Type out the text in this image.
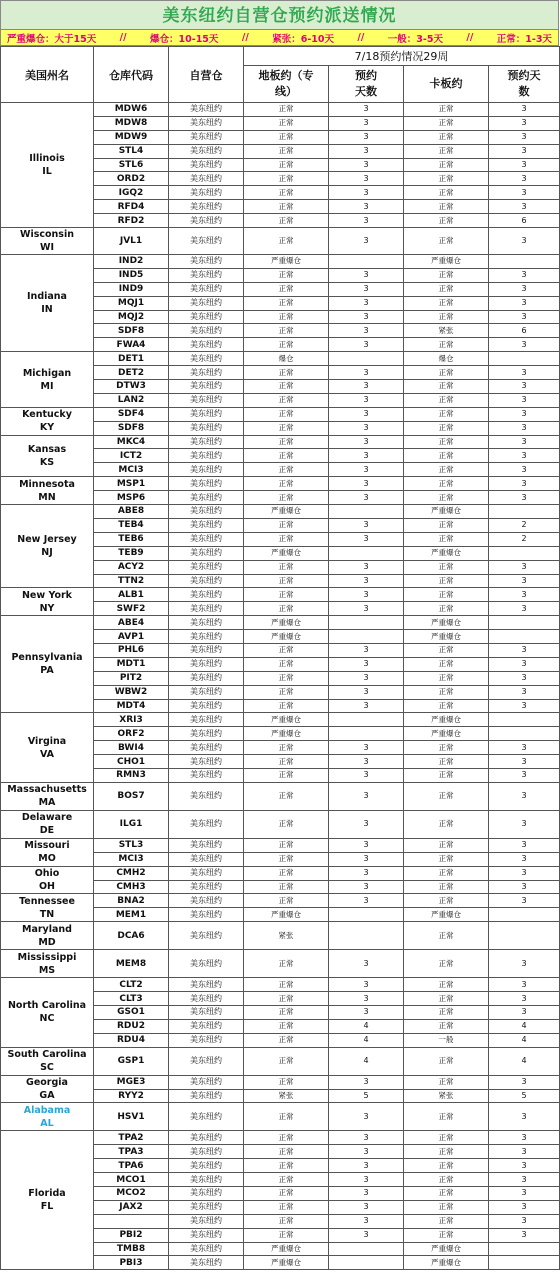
美东纽约自营仓预约派送情况
严重爆仓：大于15天 // 爆仓：10-15天 // 紧张：6-10天 // 一般：3-5天 // 正常：1-3天
美国州名	仓库代码	自营仓	7/18预约情况29周			
			地板约（专线）	预约天数	卡板约	预约天数
Illinois
IL	MDW6	美东纽约	正常	3	正常	3
	MDW8	美东纽约	正常	3	正常	3
	MDW9	美东纽约	正常	3	正常	3
	STL4	美东纽约	正常	3	正常	3
	STL6	美东纽约	正常	3	正常	3
	ORD2	美东纽约	正常	3	正常	3
	IGQ2	美东纽约	正常	3	正常	3
	RFD4	美东纽约	正常	3	正常	3
	RFD2	美东纽约	正常	3	正常	6
Wisconsin
WI	JVL1	美东纽约	正常	3	正常	3
Indiana
IN	IND2	美东纽约	严重爆仓		严重爆仓	
	IND5	美东纽约	正常	3	正常	3
	IND9	美东纽约	正常	3	正常	3
	MQJ1	美东纽约	正常	3	正常	3
	MQJ2	美东纽约	正常	3	正常	3
	SDF8	美东纽约	正常	3	紧张	6
	FWA4	美东纽约	正常	3	正常	3
Michigan
MI	DET1	美东纽约	爆仓		爆仓	
	DET2	美东纽约	正常	3	正常	3
	DTW3	美东纽约	正常	3	正常	3
	LAN2	美东纽约	正常	3	正常	3
Kentucky
KY	SDF4	美东纽约	正常	3	正常	3
	SDF8	美东纽约	正常	3	正常	3
Kansas
KS	MKC4	美东纽约	正常	3	正常	3
	ICT2	美东纽约	正常	3	正常	3
	MCI3	美东纽约	正常	3	正常	3
Minnesota
MN	MSP1	美东纽约	正常	3	正常	3
	MSP6	美东纽约	正常	3	正常	3
New Jersey
NJ	ABE8	美东纽约	严重爆仓		严重爆仓	
	TEB4	美东纽约	正常	3	正常	2
	TEB6	美东纽约	正常	3	正常	2
	TEB9	美东纽约	严重爆仓		严重爆仓	
	ACY2	美东纽约	正常	3	正常	3
	TTN2	美东纽约	正常	3	正常	3
New York
NY	ALB1	美东纽约	正常	3	正常	3
	SWF2	美东纽约	正常	3	正常	3
Pennsylvania
PA	ABE4	美东纽约	严重爆仓		严重爆仓	
	AVP1	美东纽约	严重爆仓		严重爆仓	
	PHL6	美东纽约	正常	3	正常	3
	MDT1	美东纽约	正常	3	正常	3
	PIT2	美东纽约	正常	3	正常	3
	WBW2	美东纽约	正常	3	正常	3
	MDT4	美东纽约	正常	3	正常	3
Virgina
VA	XRI3	美东纽约	严重爆仓		严重爆仓	
	ORF2	美东纽约	严重爆仓		严重爆仓	
	BWI4	美东纽约	正常	3	正常	3
	CHO1	美东纽约	正常	3	正常	3
	RMN3	美东纽约	正常	3	正常	3
Massachusetts
MA	BOS7	美东纽约	正常	3	正常	3
Delaware
DE	ILG1	美东纽约	正常	3	正常	3
Missouri
MO	STL3	美东纽约	正常	3	正常	3
	MCI3	美东纽约	正常	3	正常	3
Ohio
OH	CMH2	美东纽约	正常	3	正常	3
	CMH3	美东纽约	正常	3	正常	3
Tennessee
TN	BNA2	美东纽约	正常	3	正常	3
	MEM1	美东纽约	严重爆仓		严重爆仓	
Maryland
MD	DCA6	美东纽约	紧张		正常	
Mississippi
MS	MEM8	美东纽约	正常	3	正常	3
North Carolina
NC	CLT2	美东纽约	正常	3	正常	3
	CLT3	美东纽约	正常	3	正常	3
	GSO1	美东纽约	正常	3	正常	3
	RDU2	美东纽约	正常	4	正常	4
	RDU4	美东纽约	正常	4	一般	4
South Carolina
SC	GSP1	美东纽约	正常	4	正常	4
Georgia
GA	MGE3	美东纽约	正常	3	正常	3
	RYY2	美东纽约	紧张	5	紧张	5
Alabama
AL	HSV1	美东纽约	正常	3	正常	3
Florida
FL	TPA2	美东纽约	正常	3	正常	3
	TPA3	美东纽约	正常	3	正常	3
	TPA6	美东纽约	正常	3	正常	3
	MCO1	美东纽约	正常	3	正常	3
	MCO2	美东纽约	正常	3	正常	3
	JAX2	美东纽约	正常	3	正常	3
		美东纽约	正常	3	正常	3
	PBI2	美东纽约	正常	3	正常	3
	TMB8	美东纽约	严重爆仓		严重爆仓	
	PBI3	美东纽约	严重爆仓		严重爆仓	
